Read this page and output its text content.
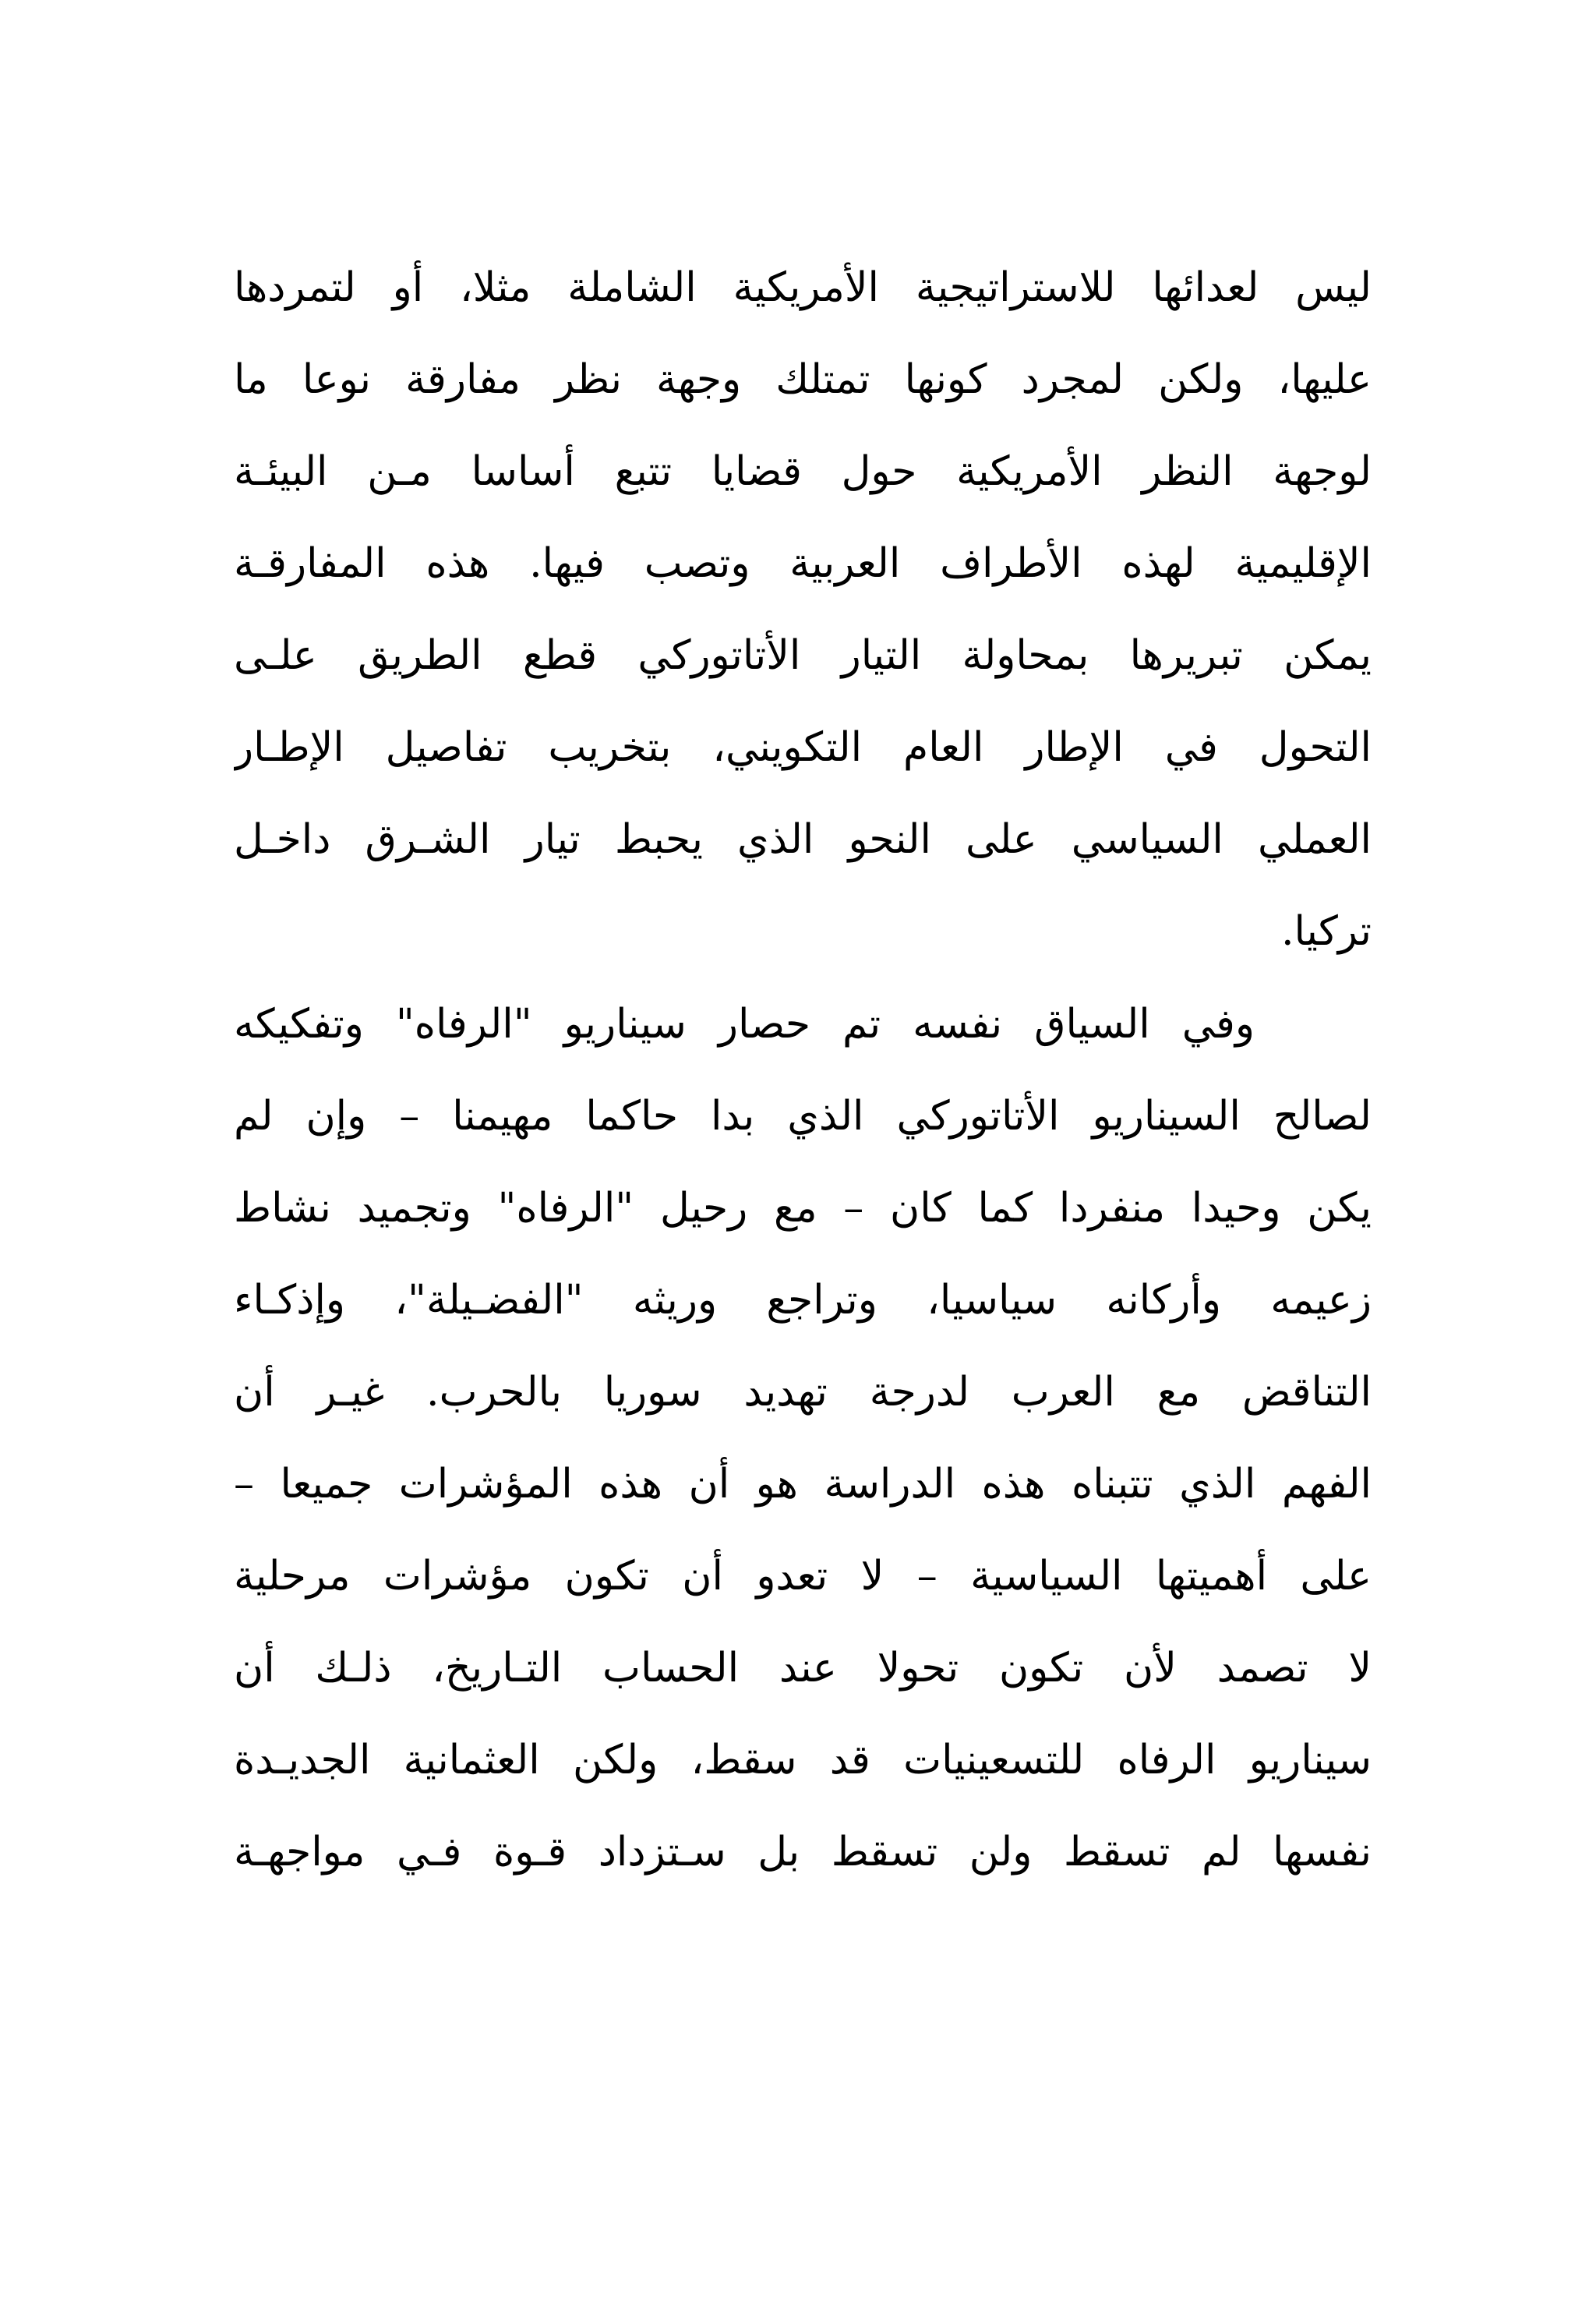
ليس لعدائها للاستراتيجية الأمريكية الشاملة مثلا، أو لتمردها
عليها، ولكن لمجرد كونها تمتلك وجهة نظر مفارقة نوعا ما
لوجهة النظر الأمريكية حول قضايا تتبع أساسا مـن البيئـة
الإقليمية لهذه الأطراف العربية وتصب فيها. هذه المفارقـة
يمكن تبريرها بمحاولة التيار الأتاتوركي قطع الطريق علـى
التحول في الإطار العام التكويني، بتخريب تفاصيل الإطـار
العملي السياسي على النحو الذي يحبط تيار الشـرق داخـل
تركيا.
وفي السياق نفسه تم حصار سيناريو "الرفاه" وتفكيكه
لصالح السيناريو الأتاتوركي الذي بدا حاكما مهيمنا – وإن لم
يكن وحيدا منفردا كما كان – مع رحيل "الرفاه" وتجميد نشاط
زعيمه وأركانه سياسيا، وتراجع وريثه "الفضـيلة"، وإذكـاء
التناقض مع العرب لدرجة تهديد سوريا بالحرب. غيـر أن
الفهم الذي تتبناه هذه الدراسة هو أن هذه المؤشرات جميعا –
على أهميتها السياسية – لا تعدو أن تكون مؤشرات مرحلية
لا تصمد لأن تكون تحولا عند الحساب التـاريخ، ذلـك أن
سيناريو الرفاه للتسعينيات قد سقط، ولكن العثمانية الجديـدة
نفسها لم تسقط ولن تسقط بل سـتزداد قـوة فـي مواجهـة
